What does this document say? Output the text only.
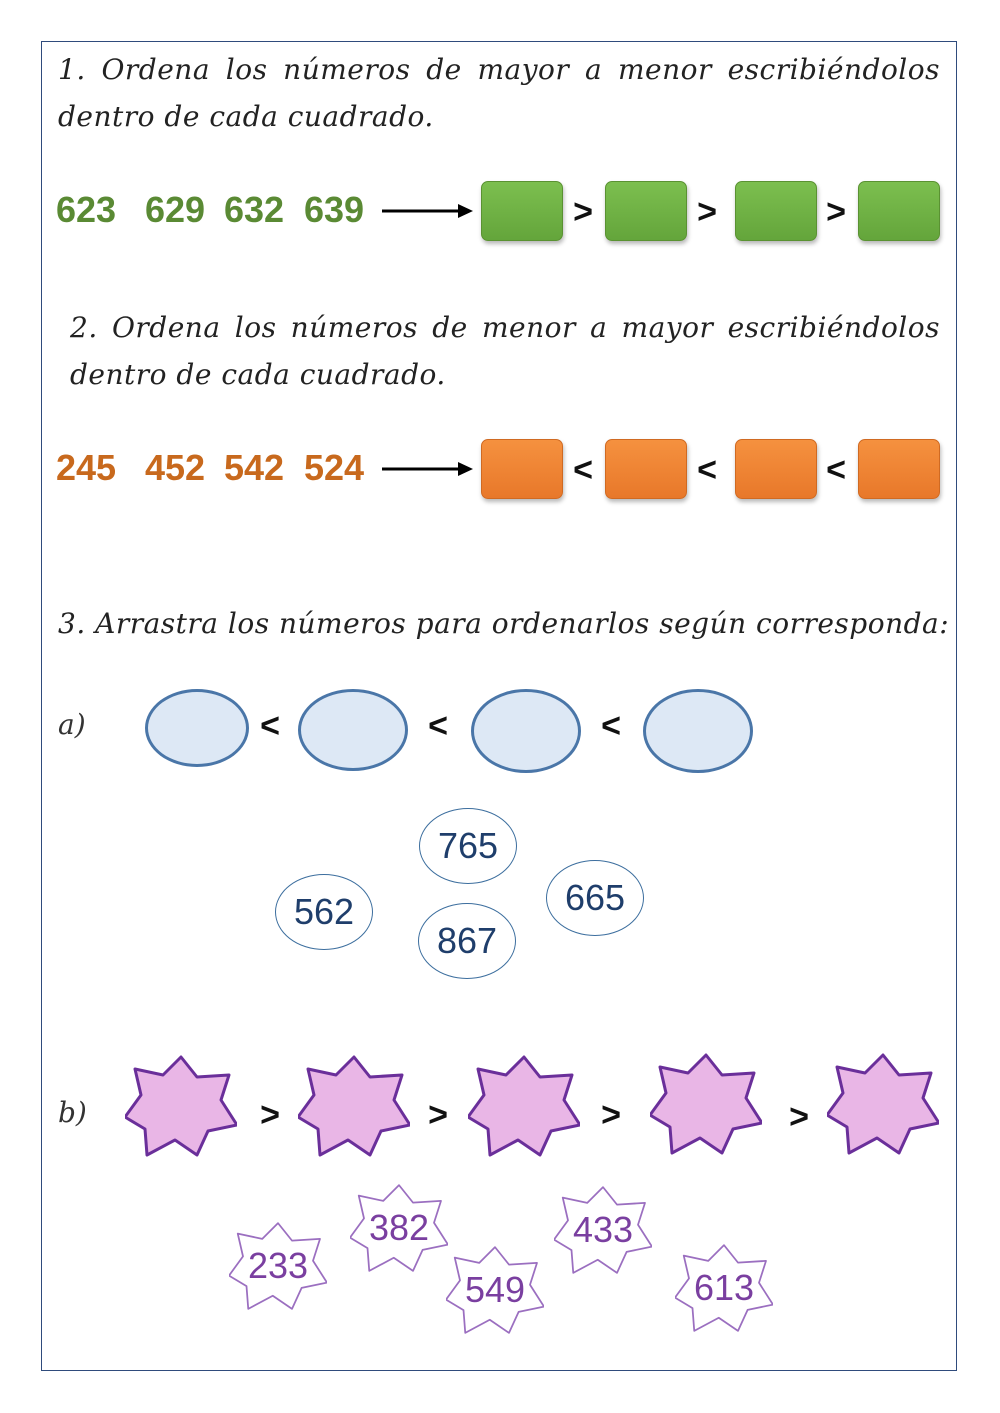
1. Ordena los números de mayor a menor escribiéndolos dentro de cada cuadrado.
623 629 632 639	>	>	>
2. Ordena los números de menor a mayor escribiéndolos dentro de cada cuadrado.
245 452 542 524	<	<	<
3. Arrastra los números para ordenarlos según corresponda:
a)	<	<	<
765
562
867
665
b)	>	>	>	>
382	433
233
549	613
